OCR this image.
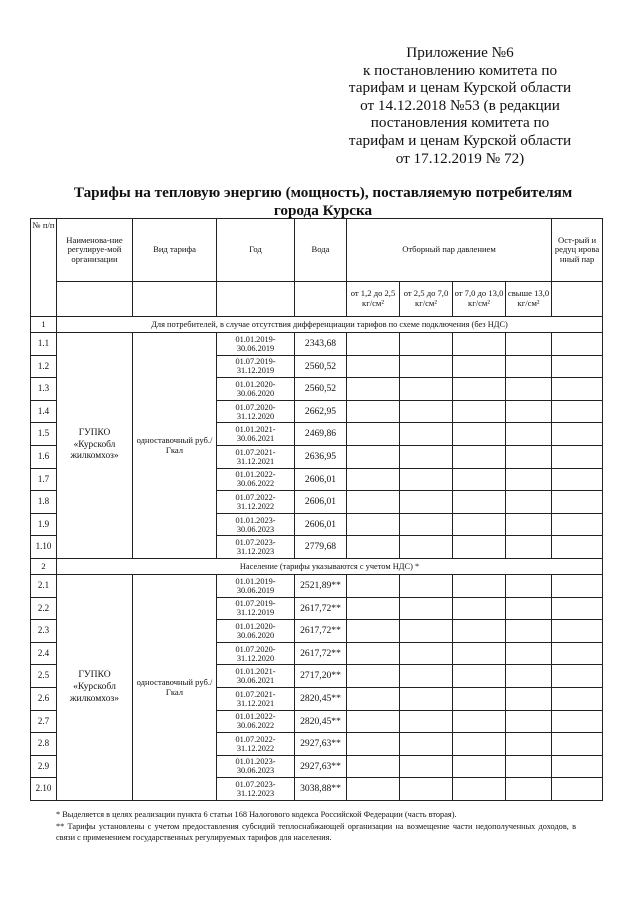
Приложение №6
к постановлению комитета по
тарифам и ценам Курской области
от 14.12.2018 №53 (в редакции
постановления комитета по
тарифам и ценам Курской области
от 17.12.2019 № 72)
Тарифы на тепловую энергию (мощность), поставляемую потребителям
города Курска
№ п/п	Наименова-ние регулируе-мой организации	Вид тарифа	Год	Вода	Отборный пар давлением				Ост-рый и редуц ирова нный пар
					от 1,2 до 2,5 кг/см²	от 2,5 до 7,0 кг/см²	от 7,0 до 13,0 кг/см²	свыше 13,0 кг/см²	
1	Для потребителей, в случае отсутствия дифференциации тарифов по схеме подключения (без НДС)								
1.1	ГУПКО «Курскобл жилкомхоз»	одноставочный руб./Гкал	01.01.2019-30.06.2019	2343,68					
1.2			01.07.2019-31.12.2019	2560,52					
1.3			01.01.2020-30.06.2020	2560,52					
1.4			01.07.2020-31.12.2020	2662,95					
1.5			01.01.2021-30.06.2021	2469,86					
1.6			01.07.2021-31.12.2021	2636,95					
1.7			01.01.2022-30.06.2022	2606,01					
1.8			01.07.2022-31.12.2022	2606,01					
1.9			01.01.2023-30.06.2023	2606,01					
1.10			01.07.2023-31.12.2023	2779,68					
2	Население (тарифы указываются с учетом НДС) *								
2.1	ГУПКО «Курскобл жилкомхоз»	одноставочный руб./Гкал	01.01.2019-30.06.2019	2521,89**					
2.2			01.07.2019-31.12.2019	2617,72**					
2.3			01.01.2020-30.06.2020	2617,72**					
2.4			01.07.2020-31.12.2020	2617,72**					
2.5			01.01.2021-30.06.2021	2717,20**					
2.6			01.07.2021-31.12.2021	2820,45**					
2.7			01.01.2022-30.06.2022	2820,45**					
2.8			01.07.2022-31.12.2022	2927,63**					
2.9			01.01.2023-30.06.2023	2927,63**					
2.10			01.07.2023-31.12.2023	3038,88**					
* Выделяется в целях реализации пункта 6 статьи 168 Налогового кодекса Российской Федерации (часть вторая).
** Тарифы установлены с учетом предоставления субсидий теплоснабжающей организации на возмещение части недополученных доходов, в связи с применением государственных регулируемых тарифов для населения.
